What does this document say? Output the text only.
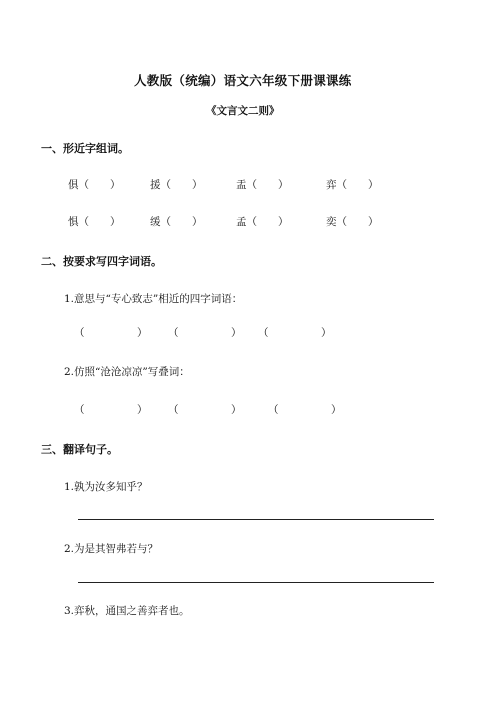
人教版（统编）语文六年级下册课课练
《文言文二则》
一、形近字组词。
俱（　　）	援（　　）	盂（　　）	弈（　　）
惧（　　）	缓（　　）	孟（　　）	奕（　　）
二、按要求写四字词语。
1.意思与“专心致志”相近的四字词语：
（　　　　　） （　　　　　） （　　　　　）
2.仿照“沧沧凉凉”写叠词：
（　　　　　） （　　　　　）	（　　　　　）
三、翻译句子。
1.孰为汝多知乎？
2.为是其智弗若与？
3.弈秋，通国之善弈者也。
